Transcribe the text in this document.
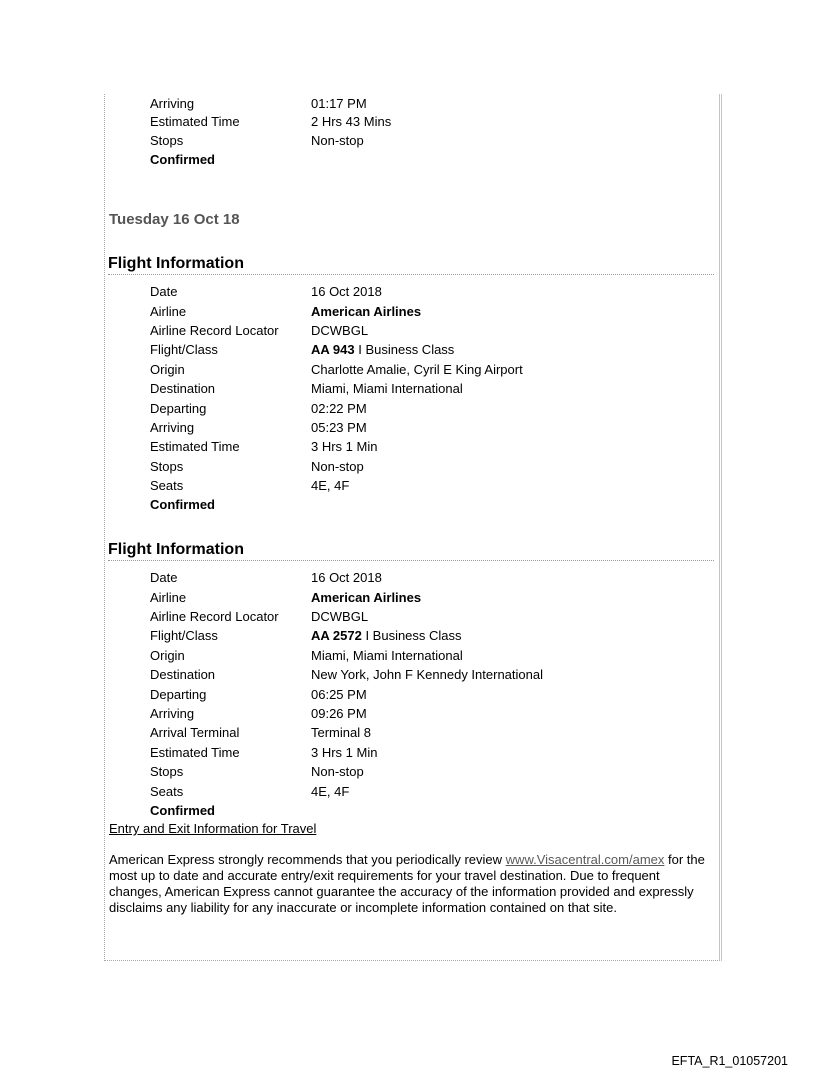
Arriving	01:17 PM
Estimated Time	2 Hrs 43 Mins
Stops	Non-stop
Confirmed
Tuesday 16 Oct 18
Flight Information
Date	16 Oct 2018
Airline	American Airlines
Airline Record Locator DCWBGL
Flight/Class	AA 943 I Business Class
Origin	Charlotte Amalie, Cyril E King Airport
Destination	Miami, Miami International
Departing	02:22 PM
Arriving	05:23 PM
Estimated Time	3 Hrs 1 Min
Stops	Non-stop
Seats	4E, 4F
Confirmed
Flight Information
Date	16 Oct 2018
Airline	American Airlines
Airline Record Locator DCWBGL
Flight/Class	AA 2572 I Business Class
Origin	Miami, Miami International
Destination	New York, John F Kennedy International
Departing	06:25 PM
Arriving	09:26 PM
Arrival Terminal	Terminal 8
Estimated Time	3 Hrs 1 Min
Stops	Non-stop
Seats	4E, 4F
Confirmed
Entry and Exit Information for Travel
American Express strongly recommends that you periodically review www.Visacentral.com/amex for the most up to date and accurate entry/exit requirements for your travel destination. Due to frequent changes, American Express cannot guarantee the accuracy of the information provided and expressly disclaims any liability for any inaccurate or incomplete information contained on that site.
EFTA_R1_01057201
